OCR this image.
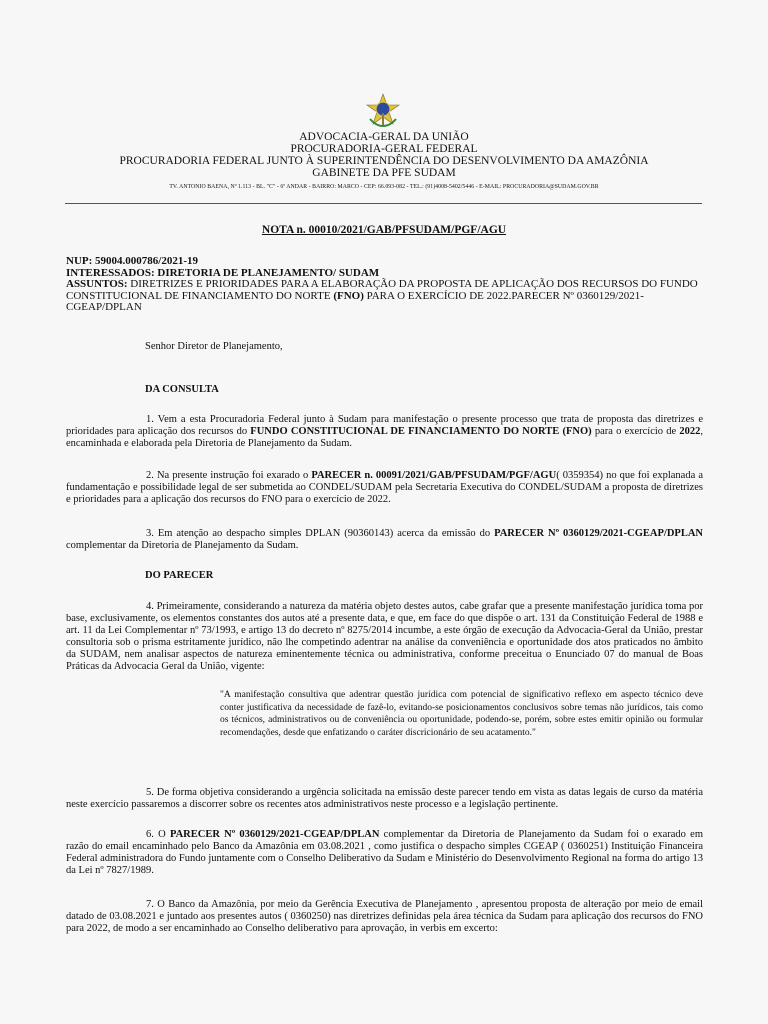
ADVOCACIA-GERAL DA UNIÃO
PROCURADORIA-GERAL FEDERAL
PROCURADORIA FEDERAL JUNTO À SUPERINTENDÊNCIA DO DESENVOLVIMENTO DA AMAZÔNIA
GABINETE DA PFE SUDAM
TV. ANTONIO BAENA, Nº 1.113 - BL. "C" - 6º ANDAR - BAIRRO: MARCO - CEP: 66.093-082 - TEL.: (91)4008-5402/5446 - E-MAIL: PROCURADORIA@SUDAM.GOV.BR
NOTA n. 00010/2021/GAB/PFSUDAM/PGF/AGU
NUP: 59004.000786/2021-19
INTERESSADOS: DIRETORIA DE PLANEJAMENTO/ SUDAM
ASSUNTOS: DIRETRIZES E PRIORIDADES PARA A ELABORAÇÃO DA PROPOSTA DE APLICAÇÃO DOS RECURSOS DO FUNDO CONSTITUCIONAL DE FINANCIAMENTO DO NORTE (FNO) PARA O EXERCÍCIO DE 2022.PARECER Nº 0360129/2021-CGEAP/DPLAN
Senhor Diretor de Planejamento,
DA CONSULTA
1. Vem a esta Procuradoria Federal junto à Sudam para manifestação o presente processo que trata de proposta das diretrizes e prioridades para aplicação dos recursos do FUNDO CONSTITUCIONAL DE FINANCIAMENTO DO NORTE (FNO) para o exercício de 2022, encaminhada e elaborada pela Diretoria de Planejamento da Sudam.
2. Na presente instrução foi exarado o PARECER n. 00091/2021/GAB/PFSUDAM/PGF/AGU( 0359354) no que foi explanada a fundamentação e possibilidade legal de ser submetida ao CONDEL/SUDAM pela Secretaria Executiva do CONDEL/SUDAM a proposta de diretrizes e prioridades para a aplicação dos recursos do FNO para o exercício de 2022.
3. Em atenção ao despacho simples DPLAN (90360143) acerca da emissão do PARECER Nº 0360129/2021-CGEAP/DPLAN complementar da Diretoria de Planejamento da Sudam.
DO PARECER
4. Primeiramente, considerando a natureza da matéria objeto destes autos, cabe grafar que a presente manifestação jurídica toma por base, exclusivamente, os elementos constantes dos autos até a presente data, e que, em face do que dispõe o art. 131 da Constituição Federal de 1988 e art. 11 da Lei Complementar nº 73/1993, e artigo 13 do decreto nº 8275/2014 incumbe, a este órgão de execução da Advocacia-Geral da União, prestar consultoria sob o prisma estritamente jurídico, não lhe competindo adentrar na análise da conveniência e oportunidade dos atos praticados no âmbito da SUDAM, nem analisar aspectos de natureza eminentemente técnica ou administrativa, conforme preceitua o Enunciado 07 do manual de Boas Práticas da Advocacia Geral da União, vigente:
"A manifestação consultiva que adentrar questão jurídica com potencial de significativo reflexo em aspecto técnico deve conter justificativa da necessidade de fazê-lo, evitando-se posicionamentos conclusivos sobre temas não jurídicos, tais como os técnicos, administrativos ou de conveniência ou oportunidade, podendo-se, porém, sobre estes emitir opinião ou formular recomendações, desde que enfatizando o caráter discricionário de seu acatamento."
5. De forma objetiva considerando a urgência solicitada na emissão deste parecer tendo em vista as datas legais de curso da matéria neste exercício passaremos a discorrer sobre os recentes atos administrativos neste processo e a legislação pertinente.
6. O PARECER Nº 0360129/2021-CGEAP/DPLAN complementar da Diretoria de Planejamento da Sudam foi o exarado em razão do email encaminhado pelo Banco da Amazônia em 03.08.2021 , como justifica o despacho simples CGEAP ( 0360251) Instituição Financeira Federal administradora do Fundo juntamente com o Conselho Deliberativo da Sudam e Ministério do Desenvolvimento Regional na forma do artigo 13 da Lei nº 7827/1989.
7. O Banco da Amazônia, por meio da Gerência Executiva de Planejamento , apresentou proposta de alteração por meio de email datado de 03.08.2021 e juntado aos presentes autos ( 0360250) nas diretrizes definidas pela área técnica da Sudam para aplicação dos recursos do FNO para 2022, de modo a ser encaminhado ao Conselho deliberativo para aprovação, in verbis em excerto:
